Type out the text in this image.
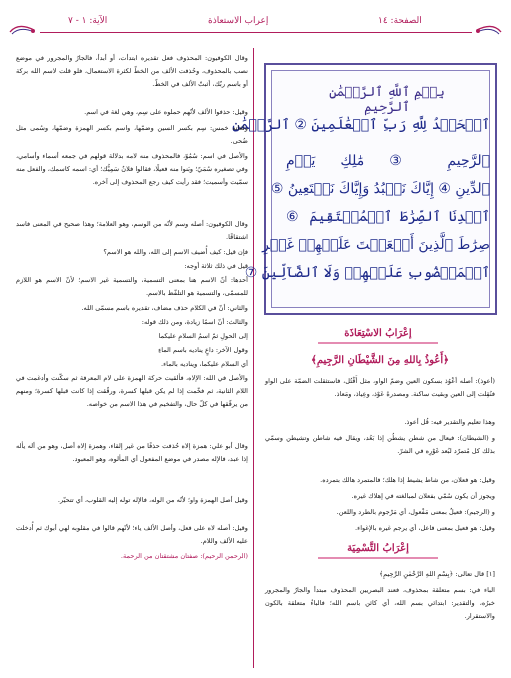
الآية: ١ - ٧	إعراب الاستعاذة	الصفحة: ١٤
بِسۡمِ ٱللَّهِ ٱلرَّحۡمَٰنِ ٱلرَّحِيمِ
ٱلۡحَمۡدُ لِلَّهِ رَبِّ ٱلۡعَٰلَمِينَ ② ٱلرَّحۡمَٰنِ
ٱلرَّحِيمِ ③ مَٰلِكِ يَوۡمِ
ٱلدِّينِ ④ إِيَّاكَ نَعۡبُدُ وَإِيَّاكَ نَسۡتَعِينُ ⑤
ٱهۡدِنَا ٱلصِّرَٰطَ ٱلۡمُسۡتَقِيمَ ⑥
صِرَٰطَ ٱلَّذِينَ أَنۡعَمۡتَ عَلَيۡهِمۡ غَيۡرِ
ٱلۡمَغۡضُوبِ عَلَيۡهِمۡ وَلَا ٱلضَّآلِّينَ ⑦
إعْرَابُ الاسْتِعَاذَة
﴿أَعُوذُ بِاللهِ مِنَ الشَّيْطَانِ الرَّجِيمِ﴾
(أعوذ): أصله أعْوُذ بسكون العين وضمّ الواو، مثل أَقْتُل، فاستثقلت الضمّة على الواو فنُقِلت إلى العين وبقيت ساكنة. ومصدرهُ عَوْذ، وعِياذ، ومَعاذ.
وهذا تعليم والتقدير فيه: قُل أعوذ.
و (الشيطان): فيعال من شطن يشطُن إذا بَعُد، ويقال فيه شاطن وتشيطن وسمّي بذلك كل مُتمرّد لبُعد غَوْرِه في الشرّ.
وقيل: هو فعلان، من شاط يشيط إذا هلك؛ فالمتمرد هالك بتمرده.
ويجوز أن يكون سُمّي بفعلان لمبالغته في إهلاك غيره.
و (الرجيم): فعيلٌ بمعنى مَفْعول، أي مَرْجوم بالطرد واللعن.
وقيل: هو فعيل بمعنى فاعل، أي يرجم غيره بالإغواء.
إعْرَابُ التَّسْمِيَة
[١] قال تعالى: ﴿بِسْمِ اللهِ الرَّحْمٰنِ الرَّحِيمِ﴾
الباء في: بسم متعلقة بمحذوف، فعند البصريين المحذوف مبتدأ والجارُ والمجرور خبرُه، والتقدير: ابتدائي بسم الله، أي كائن باسم الله؛ فالباءُ متعلقة بالكون والاستقرار.
وقال الكوفيون: المحذوف فعل تقديره ابتدأت، أو أبدأ، فالجارُ والمجرور في موضع نصب بالمحذوف، وحُذفت الألف من الخطّ لكثرة الاستعمال، فلو قلت لاسم الله بركة أو باسم ربّك، أثبتّ الألف في الخطّ.
وقيل: حذفوا الألف لأنّهم حملوه على سِم، وهي لغة في اسم.
ولغاته خمس: سِم بكسر السين وضمّها، واسم بكسر الهمزة وضمّها، وسُمى مثل ضُحى.
والأصل في اسم: سُمُوّ، فالمحذوف منه لامه بدلالة قولهم في جمعه أسماء وأسامي، وفي تصغيره سُمَيّ؛ وبَنوا منه فعيلًا، فقالوا فلانٌ سَمِيُّك؛ أي: اسمه كاسمك، والفعل منه سمّيت وأسميت؛ فقد رأيت كيف رجع المحذوف إلى آخره.
وقال الكوفيون: أصله وسم لأنّه من الوسم، وهو العلامة؛ وهذا صحيح في المعنى فاسد اشتقاقًا.
فإن قيل: كيف أُضيف الاسم إلى الله، والله هو الاسم؟
قيل في ذلك ثلاثة أوجه:
أحدها: أنّ الاسم هنا بمعنى التسمية، والتسمية غير الاسم؛ لأنّ الاسم هو اللازم للمسمّى، والتسمية هو التلفّظ بالاسم.
والثاني: أنّ في الكلام حذف مضاف، تقديره باسم مسمّى الله.
والثالث: أنّ اسمًا زيادة، ومن ذلك قوله:
إلى الحولِ ثمّ اسمُ السلامِ عليكما
وقول الآخر: داعٍ يناديه باسم الماءِ
أي السلام عليكما، ويناديه بالماء.
والأصل في الله: الإلاه، فألقيت حركة الهمزة على لام المعرفة ثم سكّنت وأدغمت في اللام الثانية، ثم فخّمت إذا لم يكن قبلها كسرة، ورقّقت إذا كانت قبلها كسرة؛ ومنهم من يرقّقها في كلّ حال، والتفخيم في هذا الاسم من خواصه.
وقال أبو علي: همزة إلاه حُذفت حذفًا من غير إلقاء، وهمزة إلاه أصل، وهو من أله يأله إذا عبد، فالإله مصدر في موضع المفعول أي المألوه، وهو المعبود.
وقيل أصل الهمزة واو؛ لأنّه من الوله، فالإله توله إليه القلوب، أي تتحيّر.
وقيل: أصله لاه على فعل، وأصل الألف ياء؛ لأنّهم قالوا في مقلوبه لهي أبوك ثم أُدخلت عليه الألف واللام.
(الرحمن الرحيم): صفتان مشتقتان من الرحمة.
